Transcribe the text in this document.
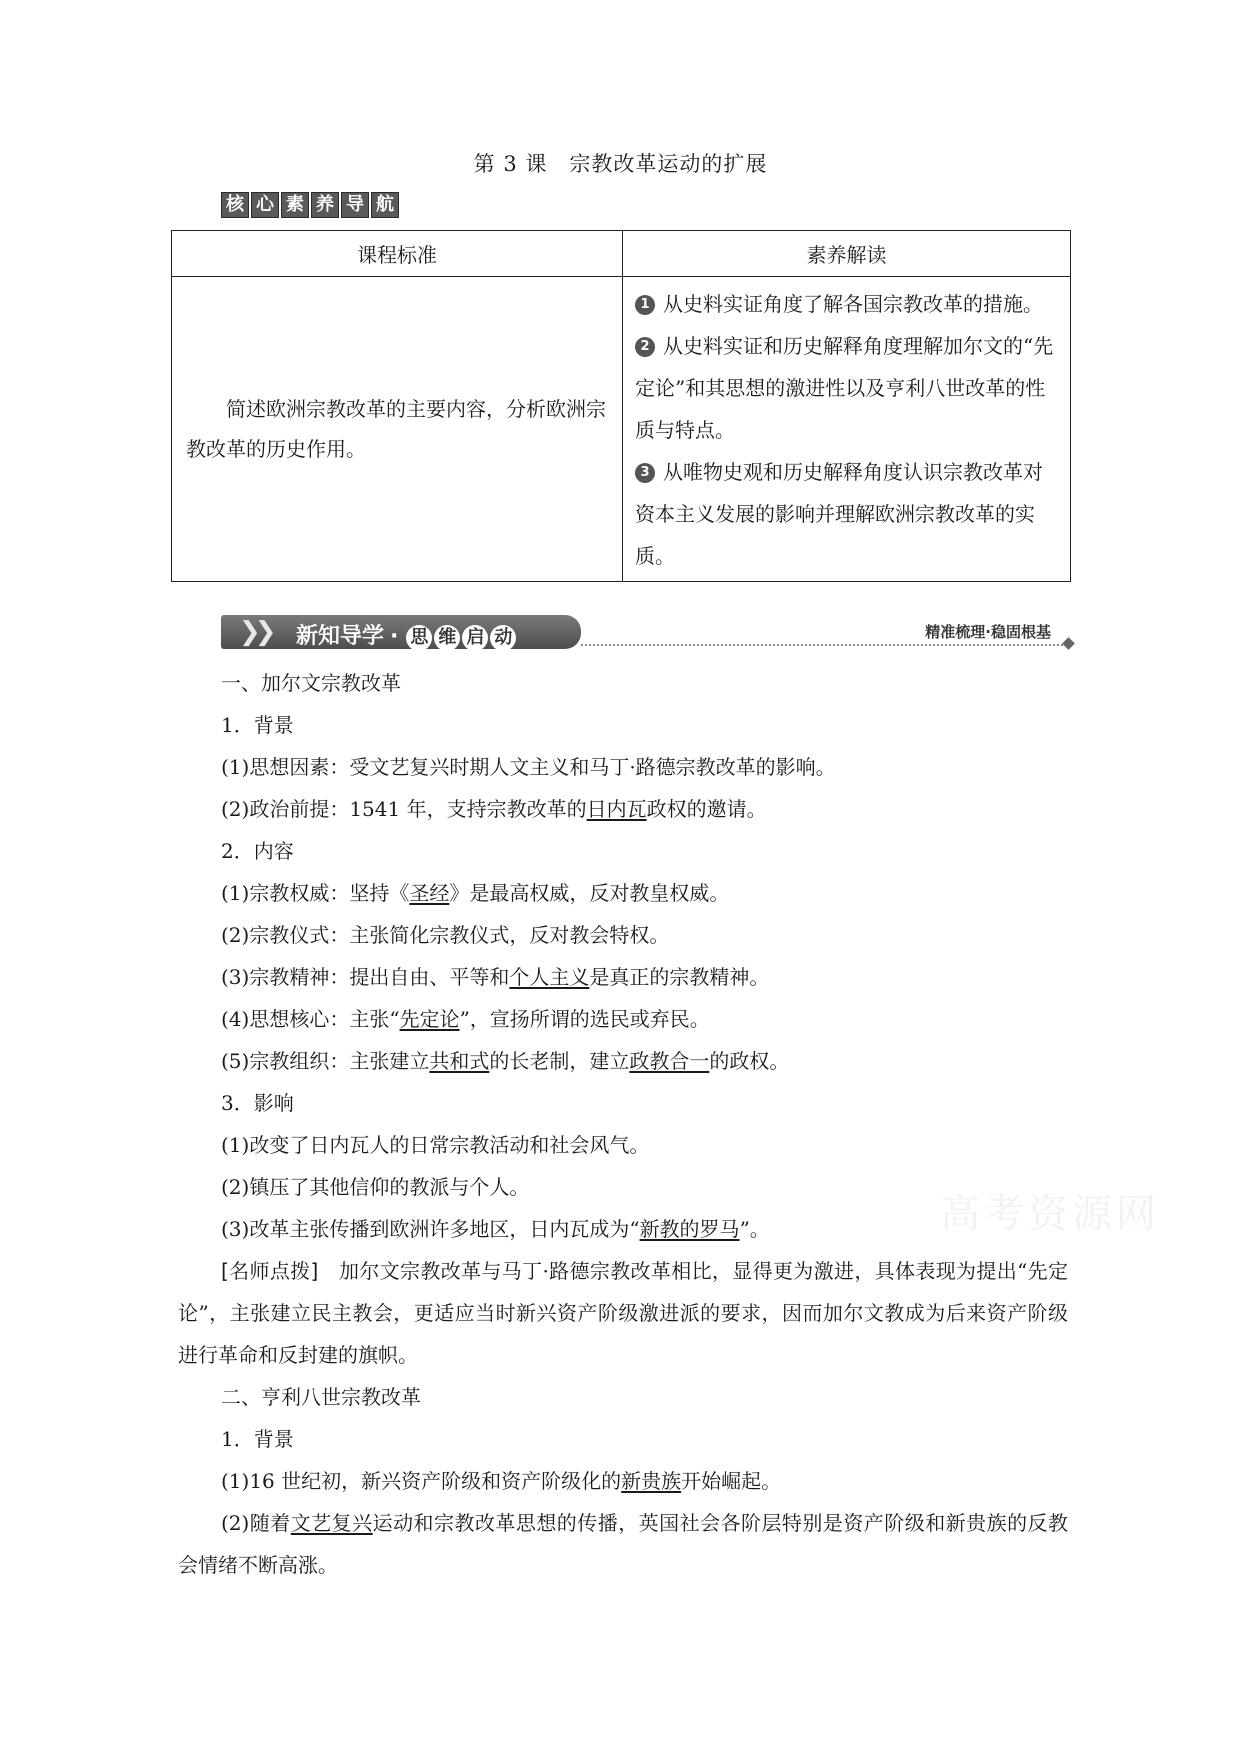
第 3 课　宗教改革运动的扩展
核 心 素 养 导 航
课程标准	素养解读

简述欧洲宗教改革的主要内容，分析欧洲宗教改革的历史作用。	1 从史料实证角度了解各国宗教改革的措施。
2 从史料实证和历史解释角度理解加尔文的“先定论”和其思想的激进性以及亨利八世改革的性质与特点。
3 从唯物史观和历史解释角度认识宗教改革对资本主义发展的影响并理解欧洲宗教改革的实质。
❯❯ 新知导学 · 思 维 启 动	精准梳理·稳固根基
一、加尔文宗教改革
1．背景
(1)思想因素：受文艺复兴时期人文主义和马丁·路德宗教改革的影响。
(2)政治前提：1541 年，支持宗教改革的日内瓦政权的邀请。
2．内容
(1)宗教权威：坚持《圣经》是最高权威，反对教皇权威。
(2)宗教仪式：主张简化宗教仪式，反对教会特权。
(3)宗教精神：提出自由、平等和个人主义是真正的宗教精神。
(4)思想核心：主张“先定论”，宣扬所谓的选民或弃民。
(5)宗教组织：主张建立共和式的长老制，建立政教合一的政权。
3．影响
(1)改变了日内瓦人的日常宗教活动和社会风气。
(2)镇压了其他信仰的教派与个人。
(3)改革主张传播到欧洲许多地区，日内瓦成为“新教的罗马”。
[名师点拨]　加尔文宗教改革与马丁·路德宗教改革相比，显得更为激进，具体表现为提出“先定论”，主张建立民主教会，更适应当时新兴资产阶级激进派的要求，因而加尔文教成为后来资产阶级进行革命和反封建的旗帜。
二、亨利八世宗教改革
1．背景
(1)16 世纪初，新兴资产阶级和资产阶级化的新贵族开始崛起。
(2)随着文艺复兴运动和宗教改革思想的传播，英国社会各阶层特别是资产阶级和新贵族的反教会情绪不断高涨。
高考资源网
